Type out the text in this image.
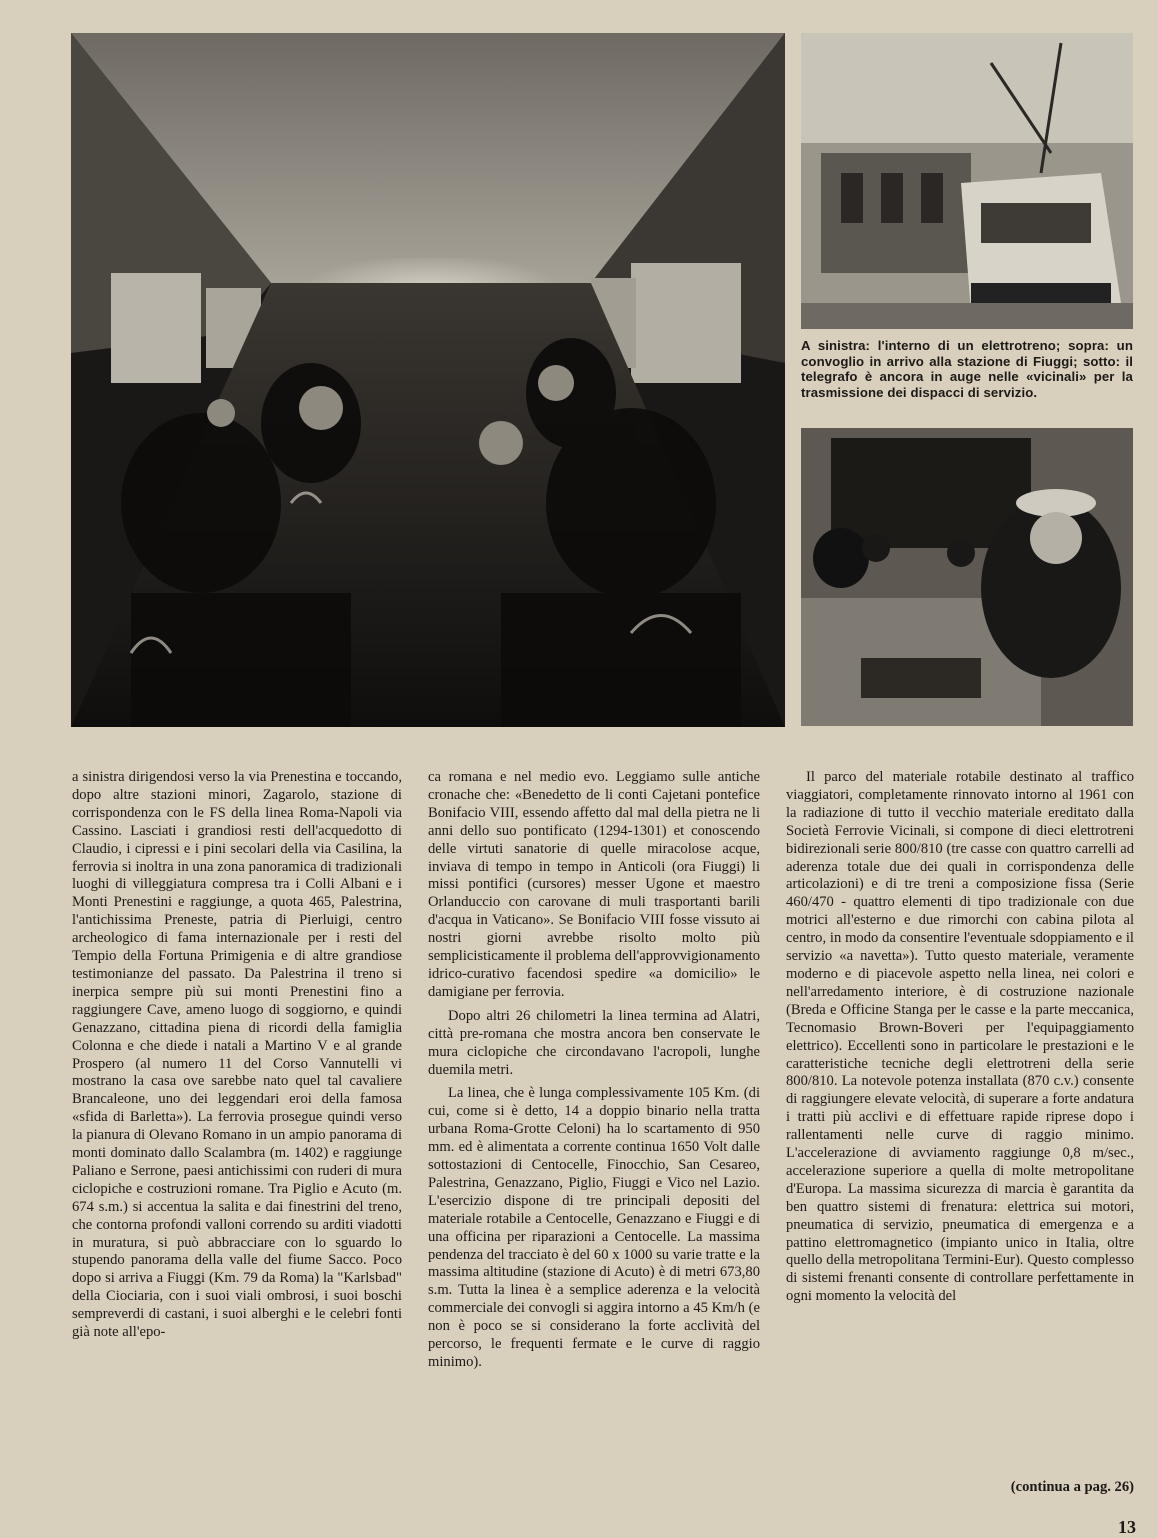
A sinistra: l'interno di un elettrotreno; sopra: un convoglio in arrivo alla stazione di Fiuggi; sotto: il telegrafo è ancora in auge nelle «vicinali» per la trasmissione dei dispacci di servizio.

a sinistra dirigendosi verso la via Prenestina e toccando, dopo altre stazioni minori, Zagarolo, stazione di corrispondenza con le FS della linea Roma-Napoli via Cassino. Lasciati i grandiosi resti dell'acquedotto di Claudio, i cipressi e i pini secolari della via Casilina, la ferrovia si inoltra in una zona panoramica di tradizionali luoghi di villeggiatura compresa tra i Colli Albani e i Monti Prenestini e raggiunge, a quota 465, Palestrina, l'antichissima Preneste, patria di Pierluigi, centro archeologico di fama internazionale per i resti del Tempio della Fortuna Primigenia e di altre grandiose testimonianze del passato. Da Palestrina il treno si inerpica sempre più sui monti Prenestini fino a raggiungere Cave, ameno luogo di soggiorno, e quindi Genazzano, cittadina piena di ricordi della famiglia Colonna e che diede i natali a Martino V e al grande Prospero (al numero 11 del Corso Vannutelli vi mostrano la casa ove sarebbe nato quel tal cavaliere Brancaleone, uno dei leggendari eroi della famosa «sfida di Barletta»). La ferrovia prosegue quindi verso la pianura di Olevano Romano in un ampio panorama di monti dominato dallo Scalambra (m. 1402) e raggiunge Paliano e Serrone, paesi antichissimi con ruderi di mura ciclopiche e costruzioni romane. Tra Piglio e Acuto (m. 674 s.m.) si accentua la salita e dai finestrini del treno, che contorna profondi valloni correndo su arditi viadotti in muratura, si può abbracciare con lo sguardo lo stupendo panorama della valle del fiume Sacco. Poco dopo si arriva a Fiuggi (Km. 79 da Roma) la "Karlsbad" della Ciociaria, con i suoi viali ombrosi, i suoi boschi sempreverdi di castani, i suoi alberghi e le celebri fonti già note all'epo-

ca romana e nel medio evo. Leggiamo sulle antiche cronache che: «Benedetto de li conti Cajetani pontefice Bonifacio VIII, essendo affetto dal mal della pietra ne li anni dello suo pontificato (1294-1301) et conoscendo delle virtuti sanatorie di quelle miracolose acque, inviava di tempo in tempo in Anticoli (ora Fiuggi) li missi pontifici (cursores) messer Ugone et maestro Orlanduccio con carovane di muli trasportanti barili d'acqua in Vaticano». Se Bonifacio VIII fosse vissuto ai nostri giorni avrebbe risolto molto più semplicisticamente il problema dell'approvvigionamento idrico-curativo facendosi spedire «a domicilio» le damigiane per ferrovia.

Dopo altri 26 chilometri la linea termina ad Alatri, città pre-romana che mostra ancora ben conservate le mura ciclopiche che circondavano l'acropoli, lunghe duemila metri.

La linea, che è lunga complessivamente 105 Km. (di cui, come si è detto, 14 a doppio binario nella tratta urbana Roma-Grotte Celoni) ha lo scartamento di 950 mm. ed è alimentata a corrente continua 1650 Volt dalle sottostazioni di Centocelle, Finocchio, San Cesareo, Palestrina, Genazzano, Piglio, Fiuggi e Vico nel Lazio. L'esercizio dispone di tre principali depositi del materiale rotabile a Centocelle, Genazzano e Fiuggi e di una officina per riparazioni a Centocelle. La massima pendenza del tracciato è del 60 x 1000 su varie tratte e la massima altitudine (stazione di Acuto) è di metri 673,80 s.m. Tutta la linea è a semplice aderenza e la velocità commerciale dei convogli si aggira intorno a 45 Km/h (e non è poco se si considerano la forte acclività del percorso, le frequenti fermate e le curve di raggio minimo).

Il parco del materiale rotabile destinato al traffico viaggiatori, completamente rinnovato intorno al 1961 con la radiazione di tutto il vecchio materiale ereditato dalla Società Ferrovie Vicinali, si compone di dieci elettrotreni bidirezionali serie 800/810 (tre casse con quattro carrelli ad aderenza totale due dei quali in corrispondenza delle articolazioni) e di tre treni a composizione fissa (Serie 460/470 - quattro elementi di tipo tradizionale con due motrici all'esterno e due rimorchi con cabina pilota al centro, in modo da consentire l'eventuale sdoppiamento e il servizio «a navetta»). Tutto questo materiale, veramente moderno e di piacevole aspetto nella linea, nei colori e nell'arredamento interiore, è di costruzione nazionale (Breda e Officine Stanga per le casse e la parte meccanica, Tecnomasio Brown-Boveri per l'equipaggiamento elettrico). Eccellenti sono in particolare le prestazioni e le caratteristiche tecniche degli elettrotreni della serie 800/810. La notevole potenza installata (870 c.v.) consente di raggiungere elevate velocità, di superare a forte andatura i tratti più acclivi e di effettuare rapide riprese dopo i rallentamenti nelle curve di raggio minimo. L'accelerazione di avviamento raggiunge 0,8 m/sec., accelerazione superiore a quella di molte metropolitane d'Europa. La massima sicurezza di marcia è garantita da ben quattro sistemi di frenatura: elettrica sui motori, pneumatica di servizio, pneumatica di emergenza e a pattino elettromagnetico (impianto unico in Italia, oltre quello della metropolitana Termini-Eur). Questo complesso di sistemi frenanti consente di controllare perfettamente in ogni momento la velocità del

(continua a pag. 26)
13
